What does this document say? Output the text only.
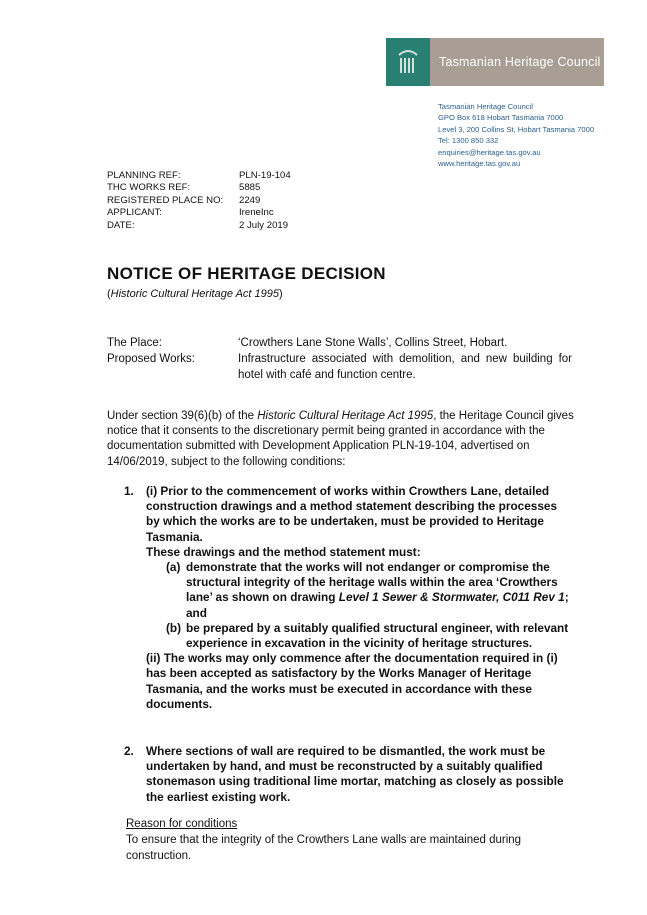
Tasmanian Heritage Council
Tasmanian Heritage Council
GPO Box 618 Hobart Tasmania 7000
Level 3, 200 Collins St, Hobart Tasmania 7000
Tel: 1300 850 332
enquiries@heritage.tas.gov.au
www.heritage.tas.gov.au
PLANNING REF:	PLN-19-104
THC WORKS REF:	5885
REGISTERED PLACE NO:	2249
APPLICANT:	IreneInc
DATE:	2 July 2019
NOTICE OF HERITAGE DECISION
(Historic Cultural Heritage Act 1995)
The Place:	‘Crowthers Lane Stone Walls’, Collins Street, Hobart.
Proposed Works:	Infrastructure associated with demolition, and new building for hotel with café and function centre.
Under section 39(6)(b) of the Historic Cultural Heritage Act 1995, the Heritage Council gives notice that it consents to the discretionary permit being granted in accordance with the documentation submitted with Development Application PLN-19-104, advertised on 14/06/2019, subject to the following conditions:
1. (i) Prior to the commencement of works within Crowthers Lane, detailed construction drawings and a method statement describing the processes by which the works are to be undertaken, must be provided to Heritage Tasmania.
These drawings and the method statement must:
(a) demonstrate that the works will not endanger or compromise the structural integrity of the heritage walls within the area ‘Crowthers lane’ as shown on drawing Level 1 Sewer & Stormwater, C011 Rev 1; and
(b) be prepared by a suitably qualified structural engineer, with relevant experience in excavation in the vicinity of heritage structures.
(ii) The works may only commence after the documentation required in (i) has been accepted as satisfactory by the Works Manager of Heritage Tasmania, and the works must be executed in accordance with these documents.
2. Where sections of wall are required to be dismantled, the work must be undertaken by hand, and must be reconstructed by a suitably qualified stonemason using traditional lime mortar, matching as closely as possible the earliest existing work.
Reason for conditions
To ensure that the integrity of the Crowthers Lane walls are maintained during construction.
